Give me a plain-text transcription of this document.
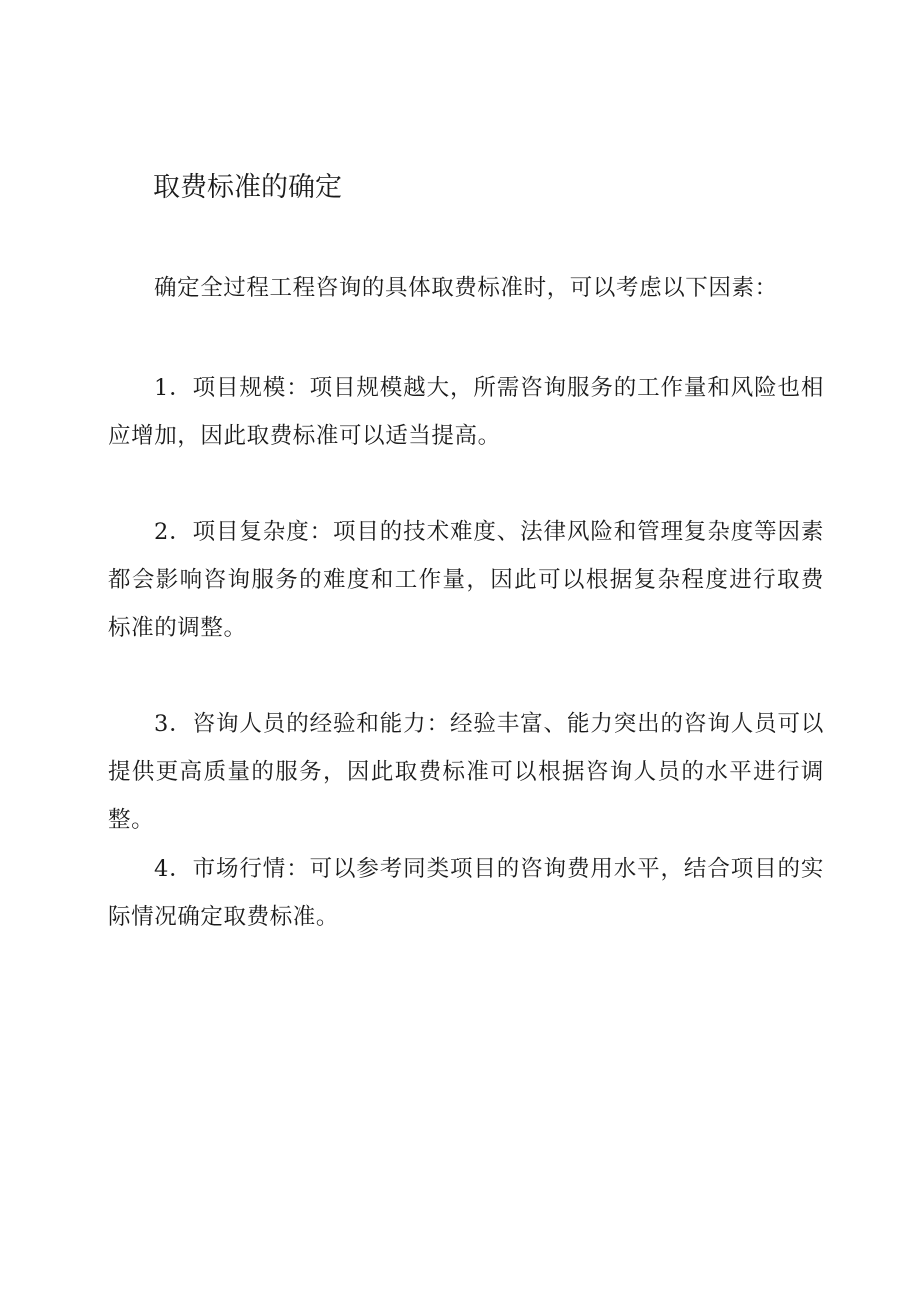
取费标准的确定

确定全过程工程咨询的具体取费标准时，可以考虑以下因素：

1．项目规模：项目规模越大，所需咨询服务的工作量和风险也相应增加，因此取费标准可以适当提高。

2．项目复杂度：项目的技术难度、法律风险和管理复杂度等因素都会影响咨询服务的难度和工作量，因此可以根据复杂程度进行取费标准的调整。

3．咨询人员的经验和能力：经验丰富、能力突出的咨询人员可以提供更高质量的服务，因此取费标准可以根据咨询人员的水平进行调整。

4．市场行情：可以参考同类项目的咨询费用水平，结合项目的实际情况确定取费标准。
